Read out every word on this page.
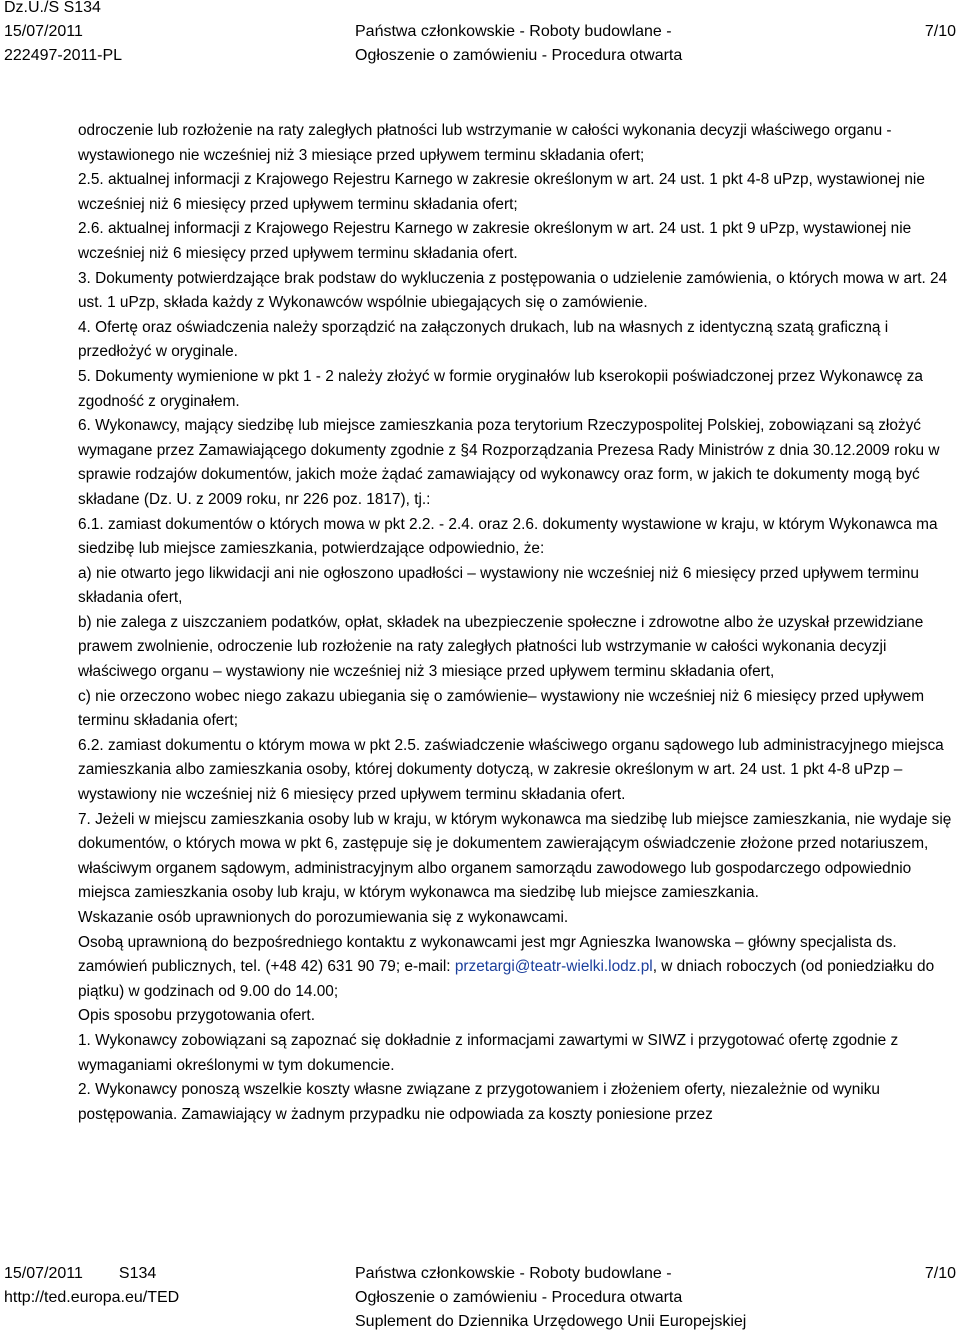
Dz.U./S S134
15/07/2011
222497-2011-PL
Państwa członkowskie - Roboty budowlane -
Ogłoszenie o zamówieniu - Procedura otwarta
7/10

odroczenie lub rozłożenie na raty zaległych płatności lub wstrzymanie w całości wykonania decyzji właściwego organu - wystawionego nie wcześniej niż 3 miesiące przed upływem terminu składania ofert;

2.5. aktualnej informacji z Krajowego Rejestru Karnego w zakresie określonym w art. 24 ust. 1 pkt 4-8 uPzp, wystawionej nie wcześniej niż 6 miesięcy przed upływem terminu składania ofert;

2.6. aktualnej informacji z Krajowego Rejestru Karnego w zakresie określonym w art. 24 ust. 1 pkt 9 uPzp, wystawionej nie wcześniej niż 6 miesięcy przed upływem terminu składania ofert.

3. Dokumenty potwierdzające brak podstaw do wykluczenia z postępowania o udzielenie zamówienia, o których mowa w art. 24 ust. 1 uPzp, składa każdy z Wykonawców wspólnie ubiegających się o zamówienie.

4. Ofertę oraz oświadczenia należy sporządzić na załączonych drukach, lub na własnych z identyczną szatą graficzną i przedłożyć w oryginale.

5. Dokumenty wymienione w pkt 1 - 2 należy złożyć w formie oryginałów lub kserokopii poświadczonej przez Wykonawcę za zgodność z oryginałem.

6. Wykonawcy, mający siedzibę lub miejsce zamieszkania poza terytorium Rzeczypospolitej Polskiej, zobowiązani są złożyć wymagane przez Zamawiającego dokumenty zgodnie z §4 Rozporządzania Prezesa Rady Ministrów z dnia 30.12.2009 roku w sprawie rodzajów dokumentów, jakich może żądać zamawiający od wykonawcy oraz form, w jakich te dokumenty mogą być składane (Dz. U. z 2009 roku, nr 226 poz. 1817), tj.:

6.1. zamiast dokumentów o których mowa w pkt 2.2. - 2.4. oraz 2.6. dokumenty wystawione w kraju, w którym Wykonawca ma siedzibę lub miejsce zamieszkania, potwierdzające odpowiednio, że:

a) nie otwarto jego likwidacji ani nie ogłoszono upadłości – wystawiony nie wcześniej niż 6 miesięcy przed upływem terminu składania ofert,

b) nie zalega z uiszczaniem podatków, opłat, składek na ubezpieczenie społeczne i zdrowotne albo że uzyskał przewidziane prawem zwolnienie, odroczenie lub rozłożenie na raty zaległych płatności lub wstrzymanie w całości wykonania decyzji właściwego organu – wystawiony nie wcześniej niż 3 miesiące przed upływem terminu składania ofert,

c) nie orzeczono wobec niego zakazu ubiegania się o zamówienie– wystawiony nie wcześniej niż 6 miesięcy przed upływem terminu składania ofert;

6.2. zamiast dokumentu o którym mowa w pkt 2.5. zaświadczenie właściwego organu sądowego lub administracyjnego miejsca zamieszkania albo zamieszkania osoby, której dokumenty dotyczą, w zakresie określonym w art. 24 ust. 1 pkt 4-8 uPzp – wystawiony nie wcześniej niż 6 miesięcy przed upływem terminu składania ofert.

7. Jeżeli w miejscu zamieszkania osoby lub w kraju, w którym wykonawca ma siedzibę lub miejsce zamieszkania, nie wydaje się dokumentów, o których mowa w pkt 6, zastępuje się je dokumentem zawierającym oświadczenie złożone przed notariuszem, właściwym organem sądowym, administracyjnym albo organem samorządu zawodowego lub gospodarczego odpowiednio miejsca zamieszkania osoby lub kraju, w którym wykonawca ma siedzibę lub miejsce zamieszkania.

Wskazanie osób uprawnionych do porozumiewania się z wykonawcami.

Osobą uprawnioną do bezpośredniego kontaktu z wykonawcami jest mgr Agnieszka Iwanowska – główny specjalista ds. zamówień publicznych, tel. (+48 42) 631 90 79; e-mail: przetargi@teatr-wielki.lodz.pl, w dniach roboczych (od poniedziałku do piątku) w godzinach od 9.00 do 14.00;

Opis sposobu przygotowania ofert.

1. Wykonawcy zobowiązani są zapoznać się dokładnie z informacjami zawartymi w SIWZ i przygotować ofertę zgodnie z wymaganiami określonymi w tym dokumencie.

2. Wykonawcy ponoszą wszelkie koszty własne związane z przygotowaniem i złożeniem oferty, niezależnie od wyniku postępowania. Zamawiający w żadnym przypadku nie odpowiada za koszty poniesione przez

15/07/2011 S134
http://ted.europa.eu/TED
Państwa członkowskie - Roboty budowlane -
Ogłoszenie o zamówieniu - Procedura otwarta
Suplement do Dziennika Urzędowego Unii Europejskiej
7/10
